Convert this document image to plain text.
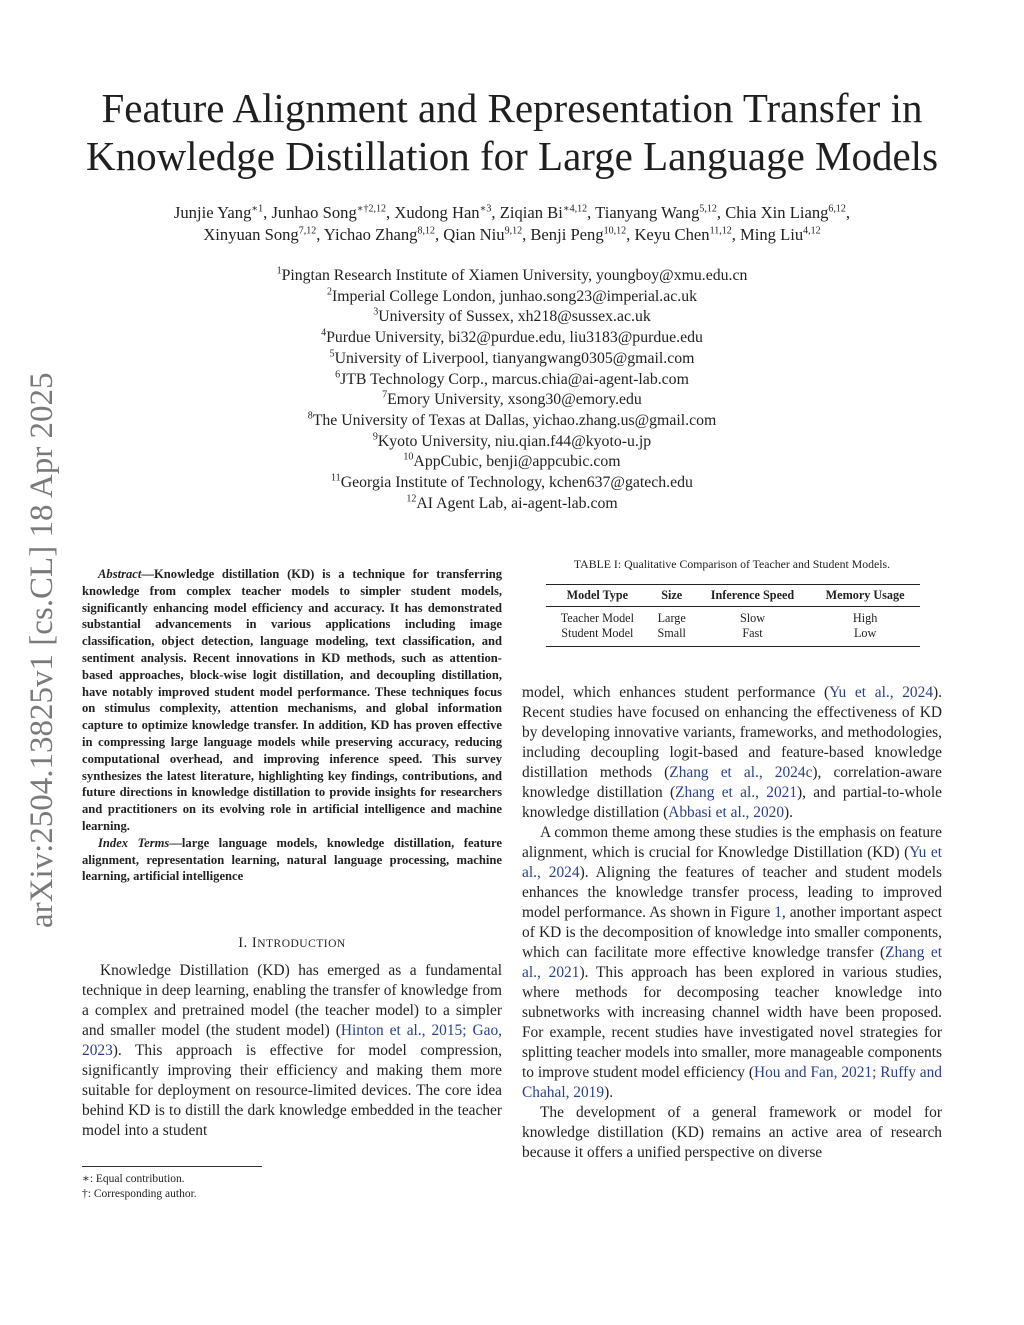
arXiv:2504.13825v1 [cs.CL] 18 Apr 2025
Feature Alignment and Representation Transfer in Knowledge Distillation for Large Language Models
Junjie Yang$^{∗1}$, Junhao Song$^{∗\dagger 2,12}$, Xudong Han$^{∗3}$, Ziqian $Bi^{∗4,12}$, Tianyang Wang$^{5,12}$, Chia Xin Liang$^{6,12}$,
Xinyuan Song$^{7,12}$, Yichao Zhang$^{8,12}$, Qian Niu$^{9,12}$, Benji Peng$^{10,12}$, Keyu Chen$^{11,12}$, Ming Liu$^{4,12}$
$^1$Pingtan Research Institute of Xiamen University, youngboy@xmu.edu.cn
$^2$Imperial College London, junhao.song23@imperial.ac.uk
$^3$University of Sussex, xh218@sussex.ac.uk
$^4$Purdue University, bi32@purdue.edu, liu3183@purdue.edu
$^5$University of Liverpool, tianyangwang0305@gmail.com
$^6$JTB Technology Corp., marcus.chia@ai-agent-lab.com
$^7$Emory University, xsong30@emory.edu
$^8$The University of Texas at Dallas, yichao.zhang.us@gmail.com
$^9$Kyoto University, niu.qian.f44@kyoto-u.jp
$^{10}$AppCubic, benji@appcubic.com
$^{11}$Georgia Institute of Technology, kchen637@gatech.edu
$^{12}$AI Agent Lab, ai-agent-lab.com

Abstract—Knowledge distillation (KD) is a technique for transferring knowledge from complex teacher models to simpler student models, significantly enhancing model efficiency and accuracy. It has demonstrated substantial advancements in various applications including image classification, object detection, language modeling, text classification, and sentiment analysis. Recent innovations in KD methods, such as attention-based approaches, block-wise logit distillation, and decoupling distillation, have notably improved student model performance. These techniques focus on stimulus complexity, attention mechanisms, and global information capture to optimize knowledge transfer. In addition, KD has proven effective in compressing large language models while preserving accuracy, reducing computational overhead, and improving inference speed. This survey synthesizes the latest literature, highlighting key findings, contributions, and future directions in knowledge distillation to provide insights for researchers and practitioners on its evolving role in artificial intelligence and machine learning.

Index Terms—large language models, knowledge distillation, feature alignment, representation learning, natural language processing, machine learning, artificial intelligence

I. INTRODUCTION

Knowledge Distillation (KD) has emerged as a fundamental technique in deep learning, enabling the transfer of knowledge from a complex and pretrained model (the teacher model) to a simpler and smaller model (the student model) (Hinton et al., 2015; Gao, 2023). This approach is effective for model compression, significantly improving their efficiency and making them more suitable for deployment on resource-limited devices. The core idea behind KD is to distill the dark knowledge embedded in the teacher model into a student

∗: Equal contribution.
†: Corresponding author.
TABLE I: Qualitative Comparison of Teacher and Student Models.
Model Type	Size	Inference Speed	Memory Usage
Teacher Model	Large	Slow	High
Student Model	Small	Fast	Low

model, which enhances student performance (Yu et al., 2024). Recent studies have focused on enhancing the effectiveness of KD by developing innovative variants, frameworks, and methodologies, including decoupling logit-based and feature-based knowledge distillation methods (Zhang et al., 2024c), correlation-aware knowledge distillation (Zhang et al., 2021), and partial-to-whole knowledge distillation (Abbasi et al., 2020).

A common theme among these studies is the emphasis on feature alignment, which is crucial for Knowledge Distillation (KD) (Yu et al., 2024). Aligning the features of teacher and student models enhances the knowledge transfer process, leading to improved model performance. As shown in Figure 1, another important aspect of KD is the decomposition of knowledge into smaller components, which can facilitate more effective knowledge transfer (Zhang et al., 2021). This approach has been explored in various studies, where methods for decomposing teacher knowledge into subnetworks with increasing channel width have been proposed. For example, recent studies have investigated novel strategies for splitting teacher models into smaller, more manageable components to improve student model efficiency (Hou and Fan, 2021; Ruffy and Chahal, 2019).

The development of a general framework or model for knowledge distillation (KD) remains an active area of research because it offers a unified perspective on diverse
